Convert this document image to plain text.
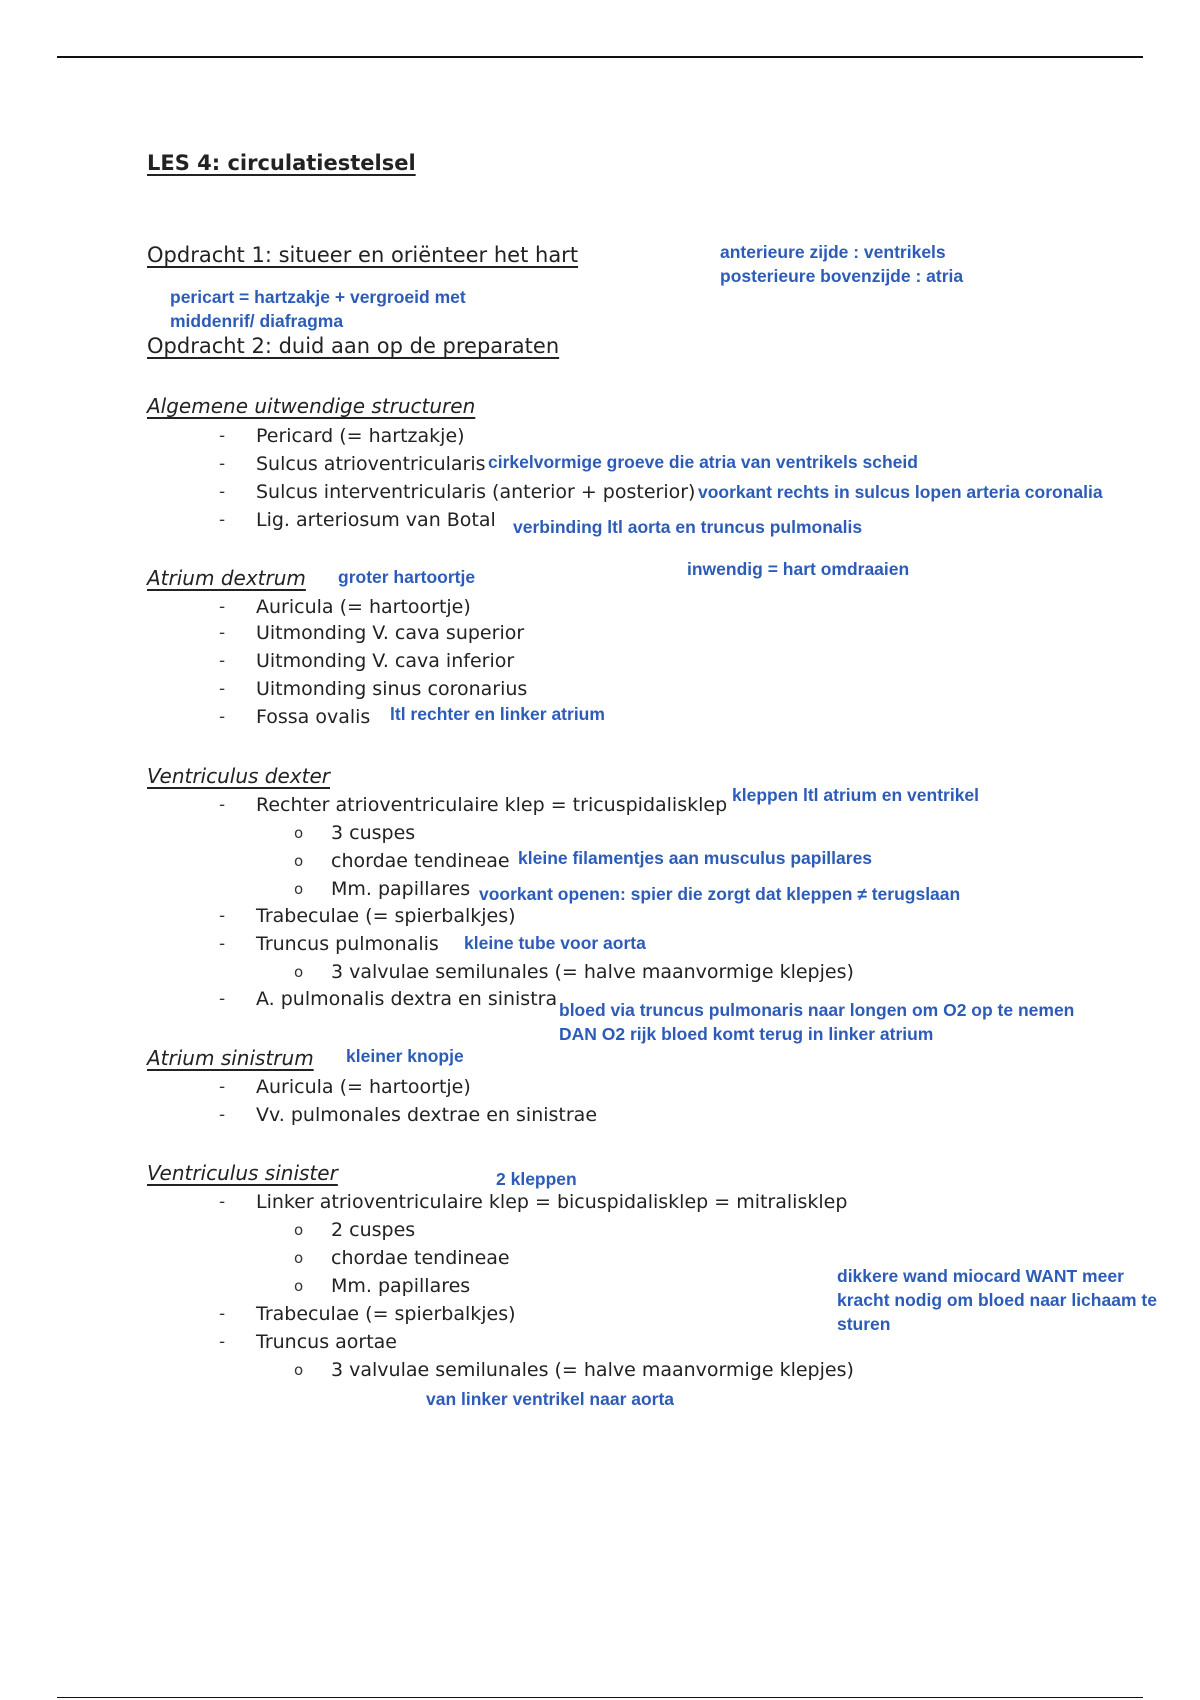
LES 4: circulatiestelsel
Opdracht 1: situeer en oriënteer het hart	anterieure zijde : ventrikels
posterieure bovenzijde : atria
pericart = hartzakje + vergroeid met
middenrif/ diafragma
Opdracht 2: duid aan op de preparaten
Algemene uitwendige structuren
- Pericard (= hartzakje)
- Sulcus atrioventricularis cirkelvormige groeve die atria van ventrikels scheid
- Sulcus interventricularis (anterior + posterior) voorkant rechts in sulcus lopen arteria coronalia
- Lig. arteriosum van Botal verbinding ltl aorta en truncus pulmonalis
Atrium dextrum groter hartoortje	inwendig = hart omdraaien
- Auricula (= hartoortje)
- Uitmonding V. cava superior
- Uitmonding V. cava inferior
- Uitmonding sinus coronarius
- Fossa ovalis ltl rechter en linker atrium
Ventriculus dexter
- Rechter atrioventriculaire klep = tricuspidalisklep kleppen ltl atrium en ventrikel
o 3 cuspes
o chordae tendineae kleine filamentjes aan musculus papillares
o Mm. papillares voorkant openen: spier die zorgt dat kleppen ≠ terugslaan
- Trabeculae (= spierbalkjes)
- Truncus pulmonalis kleine tube voor aorta
o 3 valvulae semilunales (= halve maanvormige klepjes)
- A. pulmonalis dextra en sinistra bloed via truncus pulmonaris naar longen om O2 op te nemen
DAN O2 rijk bloed komt terug in linker atrium
Atrium sinistrum kleiner knopje
- Auricula (= hartoortje)
- Vv. pulmonales dextrae en sinistrae
Ventriculus sinister	2 kleppen
- Linker atrioventriculaire klep = bicuspidalisklep = mitralisklep
o 2 cuspes
o chordae tendineae
o Mm. papillares	dikkere wand miocard WANT meer
kracht nodig om bloed naar lichaam te
sturen
- Trabeculae (= spierbalkjes)
- Truncus aortae
o 3 valvulae semilunales (= halve maanvormige klepjes)
van linker ventrikel naar aorta
